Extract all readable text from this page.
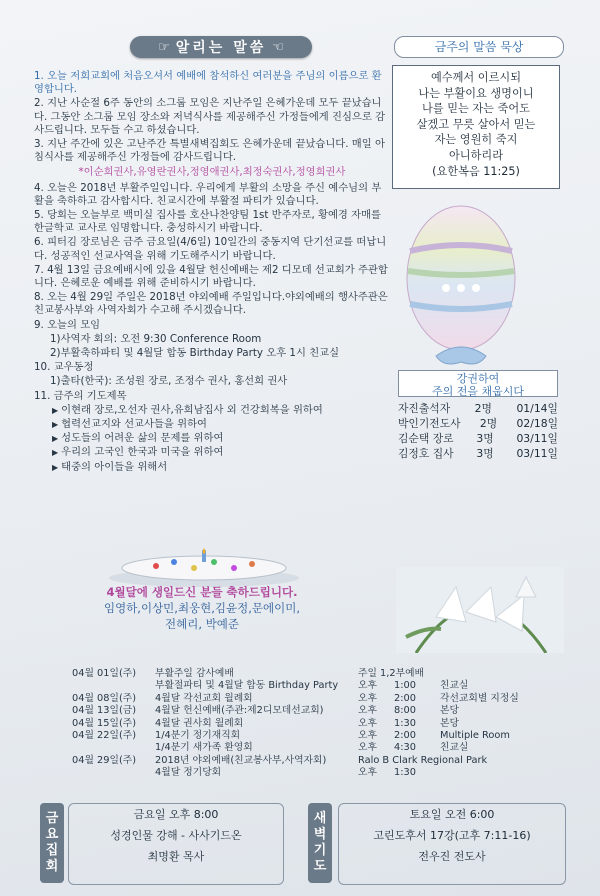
☞ 알리는 말씀 ☜

1. 오늘 저희교회에 처음오셔서 예배에 참석하신 여러분을 주님의 이름으로 환영합니다.

2. 지난 사순절 6주 동안의 소그룹 모임은 지난주일 은혜가운데 모두 끝났습니다. 그동안 소그룹 모임 장소와 저녁식사를 제공해주신 가정들에게 진심으로 감사드립니다. 모두들 수고 하셨습니다.

3. 지난 주간에 있은 고난주간 특별새벽집회도 은혜가운데 끝났습니다. 매일 아침식사를 제공해주신 가정들에 감사드립니다.

*이순희권사,유영란권사,정영애권사,최정숙권사,정영희권사

4. 오늘은 2018년 부활주일입니다. 우리에게 부활의 소망을 주신 예수님의 부활을 축하하고 감사합시다. 친교시간에 부활절 파티가 있습니다.

5. 당회는 오늘부로 백미실 집사를 호산나찬양팀 1st 반주자로, 황예경 자매를 한글학교 교사로 임명합니다. 충성하시기 바랍니다.

6. 피터김 장로님은 금주 금요일(4/6일) 10일간의 중동지역 단기선교를 떠납니다. 성공적인 선교사역을 위해 기도해주시기 바랍니다.

7. 4월 13일 금요예배시에 있을 4월달 헌신예배는 제2 디모데 선교회가 주관합니다. 은혜로운 예배를 위해 준비하시기 바랍니다.

8. 오는 4월 29일 주일은 2018년 야외예배 주일입니다.야외예배의 행사주관은 친교봉사부와 사역자회가 수고해 주시겠습니다.

9. 오늘의 모임

1)사역자 회의: 오전 9:30 Conference Room

2)부활축하파티 및 4월달 합동 Birthday Party 오후 1시 친교실

10. 교우동정

1)출타(한국): 조성원 장로, 조정수 권사, 홍선희 권사

11. 금주의 기도제목

▶ 이현래 장로,오선자 권사,유희남집사 외 건강회복을 위하여

▶ 협력선교지와 선교사들을 위하여

▶ 성도들의 어려운 삶의 문제를 위하여

▶ 우리의 고국인 한국과 미국을 위하여

▶ 태중의 아이들을 위해서

4월달에 생일드신 분들 축하드립니다.
임영하,이상민,최웅현,김윤정,문에이미,
전혜리, 박예준
04월 01일(주) 부활주일 감사예배	주일 1,2부예배
부활절파티 및 4월달 합동 Birthday Party 오후 1:00 친교실
04월 08일(주) 4월달 각선교회 월례회	오후 2:00 각선교회별 지정실
04월 13일(금) 4월달 헌신예배(주관:제2디모데선교회)	오후 8:00 본당
04월 15일(주) 4월달 권사회 월례회	오후 1:30 본당
04월 22일(주) 1/4분기 정기재직회	오후 2:00 Multiple Room
1/4분기 새가족 환영회	오후 4:30 친교실
04월 29일(주) 2018년 야외예배(친교봉사부,사역자회)	Ralo B Clark Regional Park
4월달 정기당회	오후 1:30
금요집회
금요일 오후 8:00
성경인물 강해 - 사사기드온
최명환 목사
새벽기도
토요일 오전 6:00
고린도후서 17강(고후 7:11-16)
전우진 전도사
금주의 말씀 묵상
예수께서 이르시되
나는 부활이요 생명이니
나를 믿는 자는 죽어도
살겠고 무릇 살아서 믿는
자는 영원히 죽지
아니하리라
(요한복음 11:25)
강권하여
주의 전을 채웁시다
자진출석자 2명 01/14일
박인기전도사 2명 02/18일
김순택 장로 3명 03/11일
김정호 집사 3명 03/11일
